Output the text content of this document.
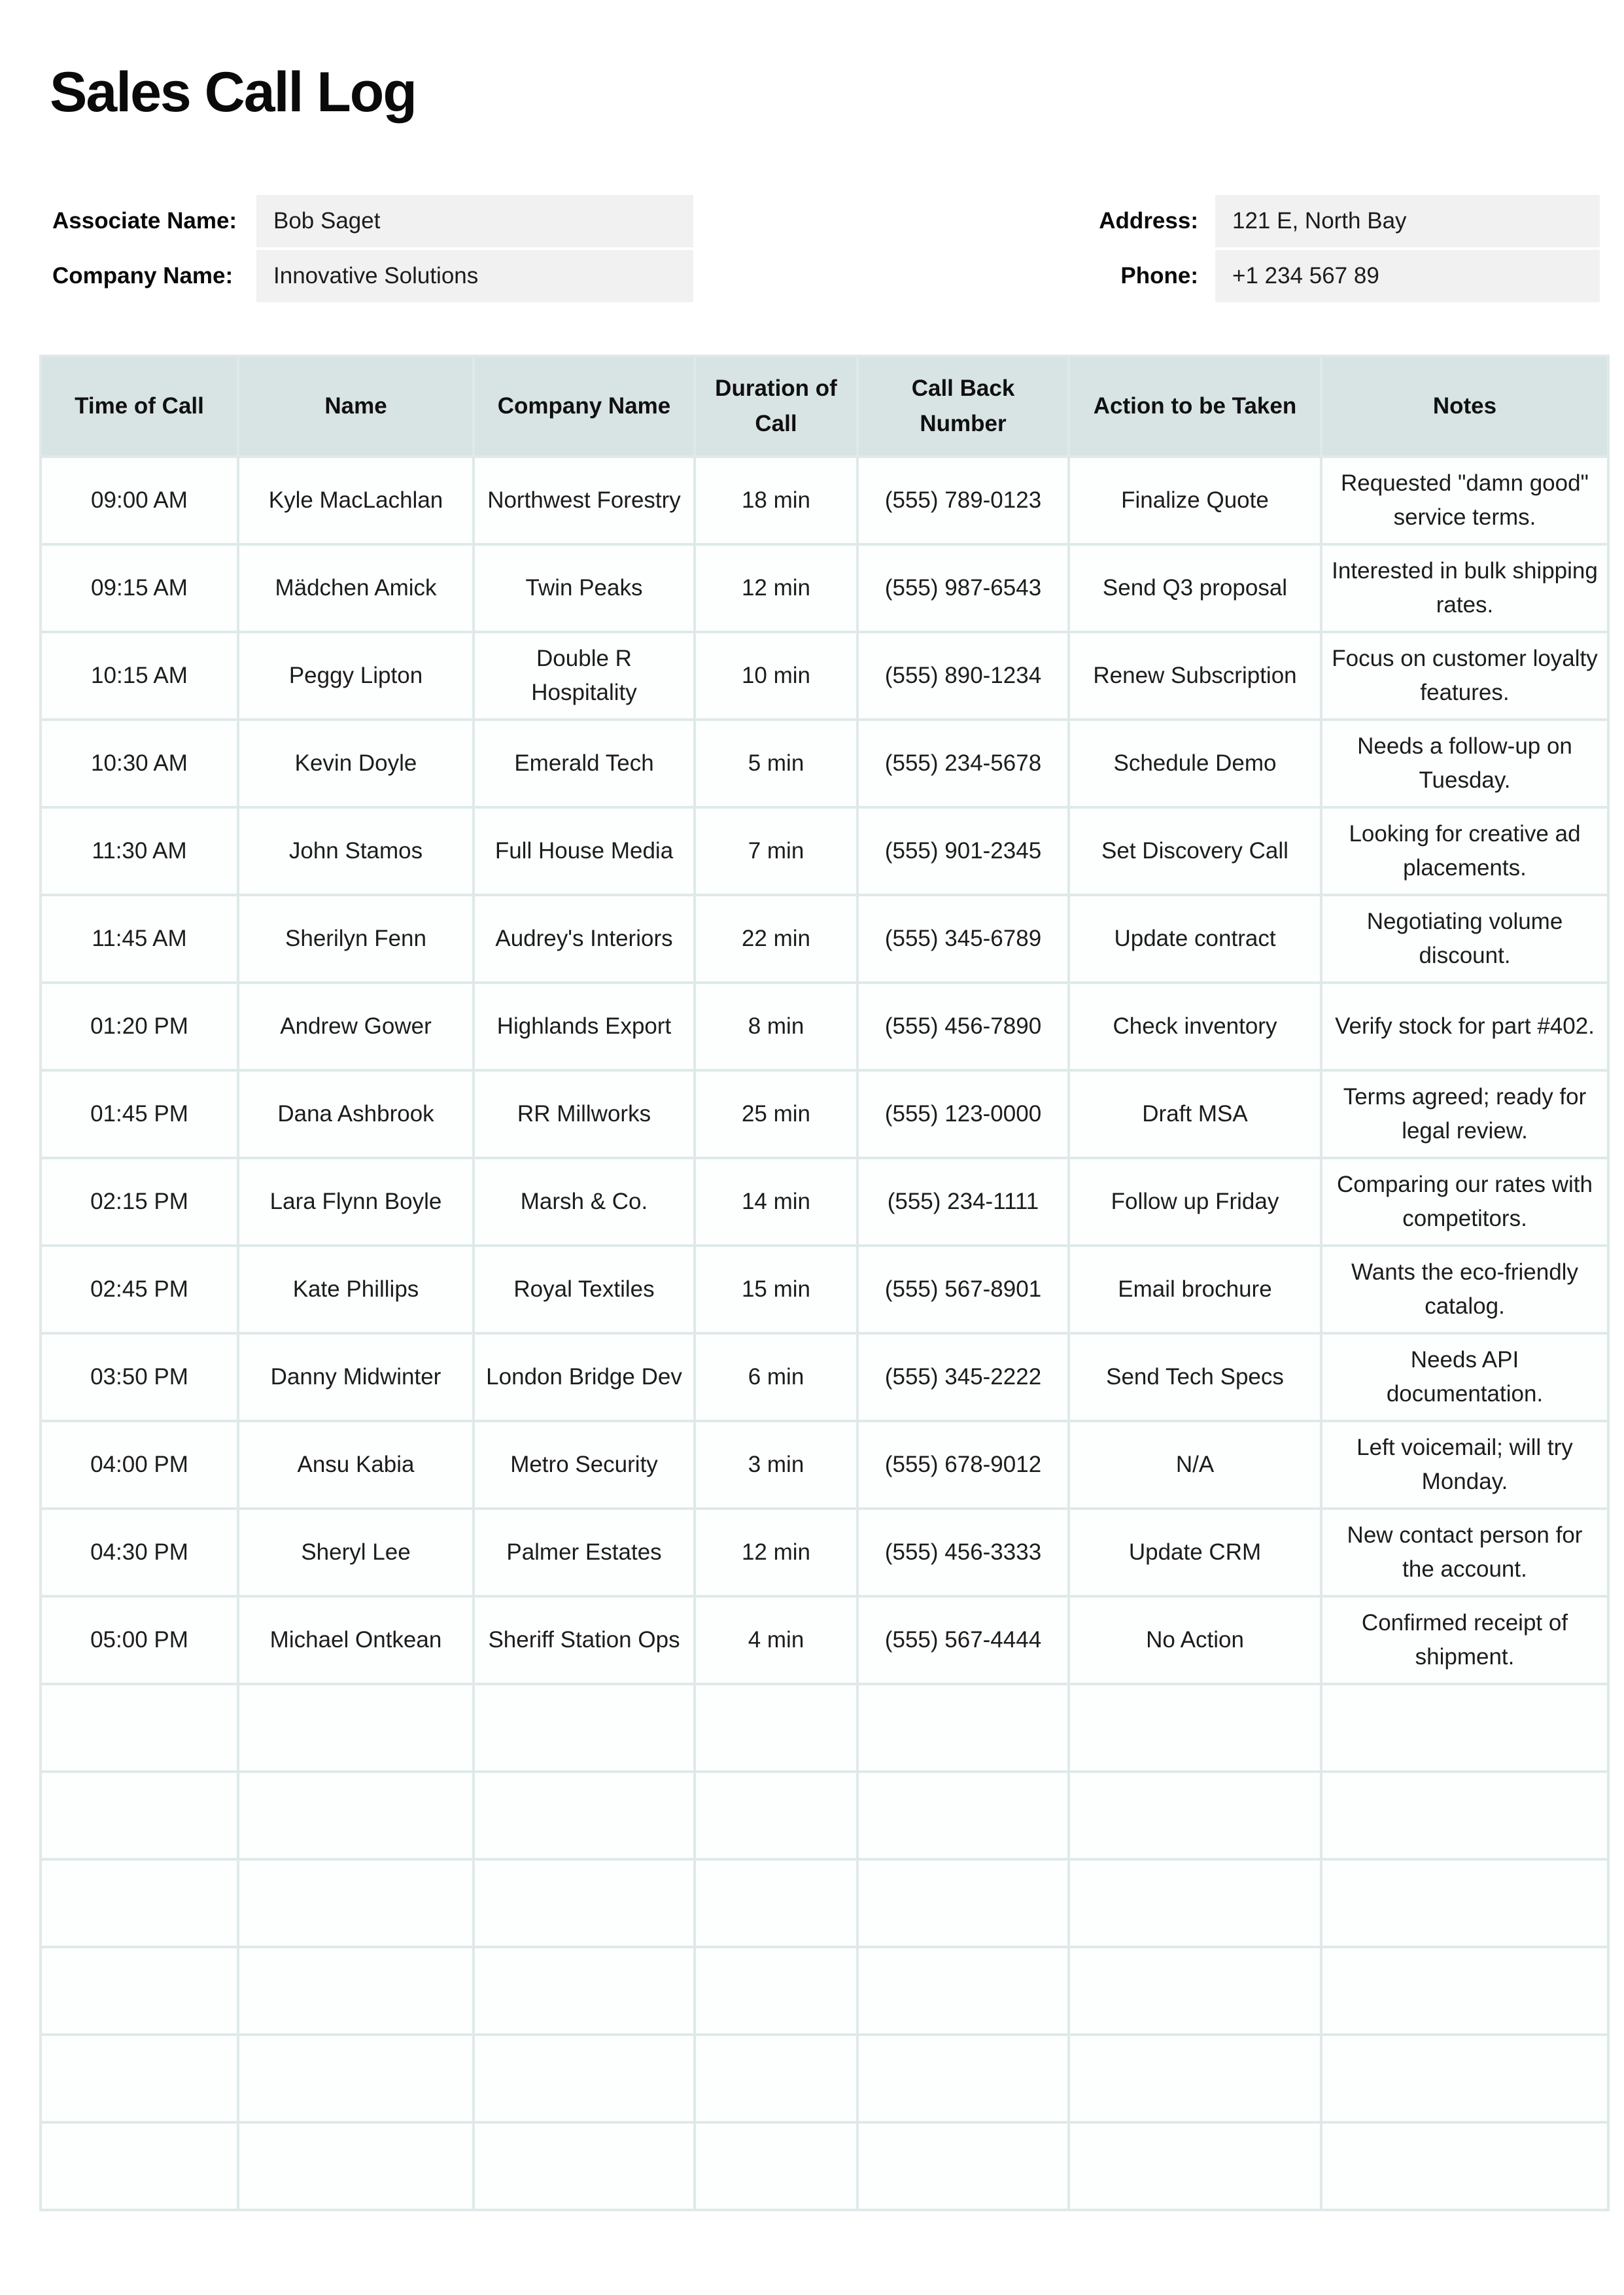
Sales Call Log
Associate Name:	Bob Saget
Company Name:	Innovative Solutions
Address:	121 E, North Bay
Phone:	+1 234 567 89
Time of Call	Name	Company Name	Duration of Call	Call Back Number	Action to be Taken	Notes
09:00 AM	Kyle MacLachlan	Northwest Forestry	18 min	(555) 789-0123	Finalize Quote	Requested "damn good" service terms.
09:15 AM	Mädchen Amick	Twin Peaks	12 min	(555) 987-6543	Send Q3 proposal	Interested in bulk shipping rates.
10:15 AM	Peggy Lipton	Double R Hospitality	10 min	(555) 890-1234	Renew Subscription	Focus on customer loyalty features.
10:30 AM	Kevin Doyle	Emerald Tech	5 min	(555) 234-5678	Schedule Demo	Needs a follow-up on Tuesday.
11:30 AM	John Stamos	Full House Media	7 min	(555) 901-2345	Set Discovery Call	Looking for creative ad placements.
11:45 AM	Sherilyn Fenn	Audrey's Interiors	22 min	(555) 345-6789	Update contract	Negotiating volume discount.
01:20 PM	Andrew Gower	Highlands Export	8 min	(555) 456-7890	Check inventory	Verify stock for part #402.
01:45 PM	Dana Ashbrook	RR Millworks	25 min	(555) 123-0000	Draft MSA	Terms agreed; ready for legal review.
02:15 PM	Lara Flynn Boyle	Marsh & Co.	14 min	(555) 234-1111	Follow up Friday	Comparing our rates with competitors.
02:45 PM	Kate Phillips	Royal Textiles	15 min	(555) 567-8901	Email brochure	Wants the eco-friendly catalog.
03:50 PM	Danny Midwinter	London Bridge Dev	6 min	(555) 345-2222	Send Tech Specs	Needs API documentation.
04:00 PM	Ansu Kabia	Metro Security	3 min	(555) 678-9012	N/A	Left voicemail; will try Monday.
04:30 PM	Sheryl Lee	Palmer Estates	12 min	(555) 456-3333	Update CRM	New contact person for the account.
05:00 PM	Michael Ontkean	Sheriff Station Ops	4 min	(555) 567-4444	No Action	Confirmed receipt of shipment.
